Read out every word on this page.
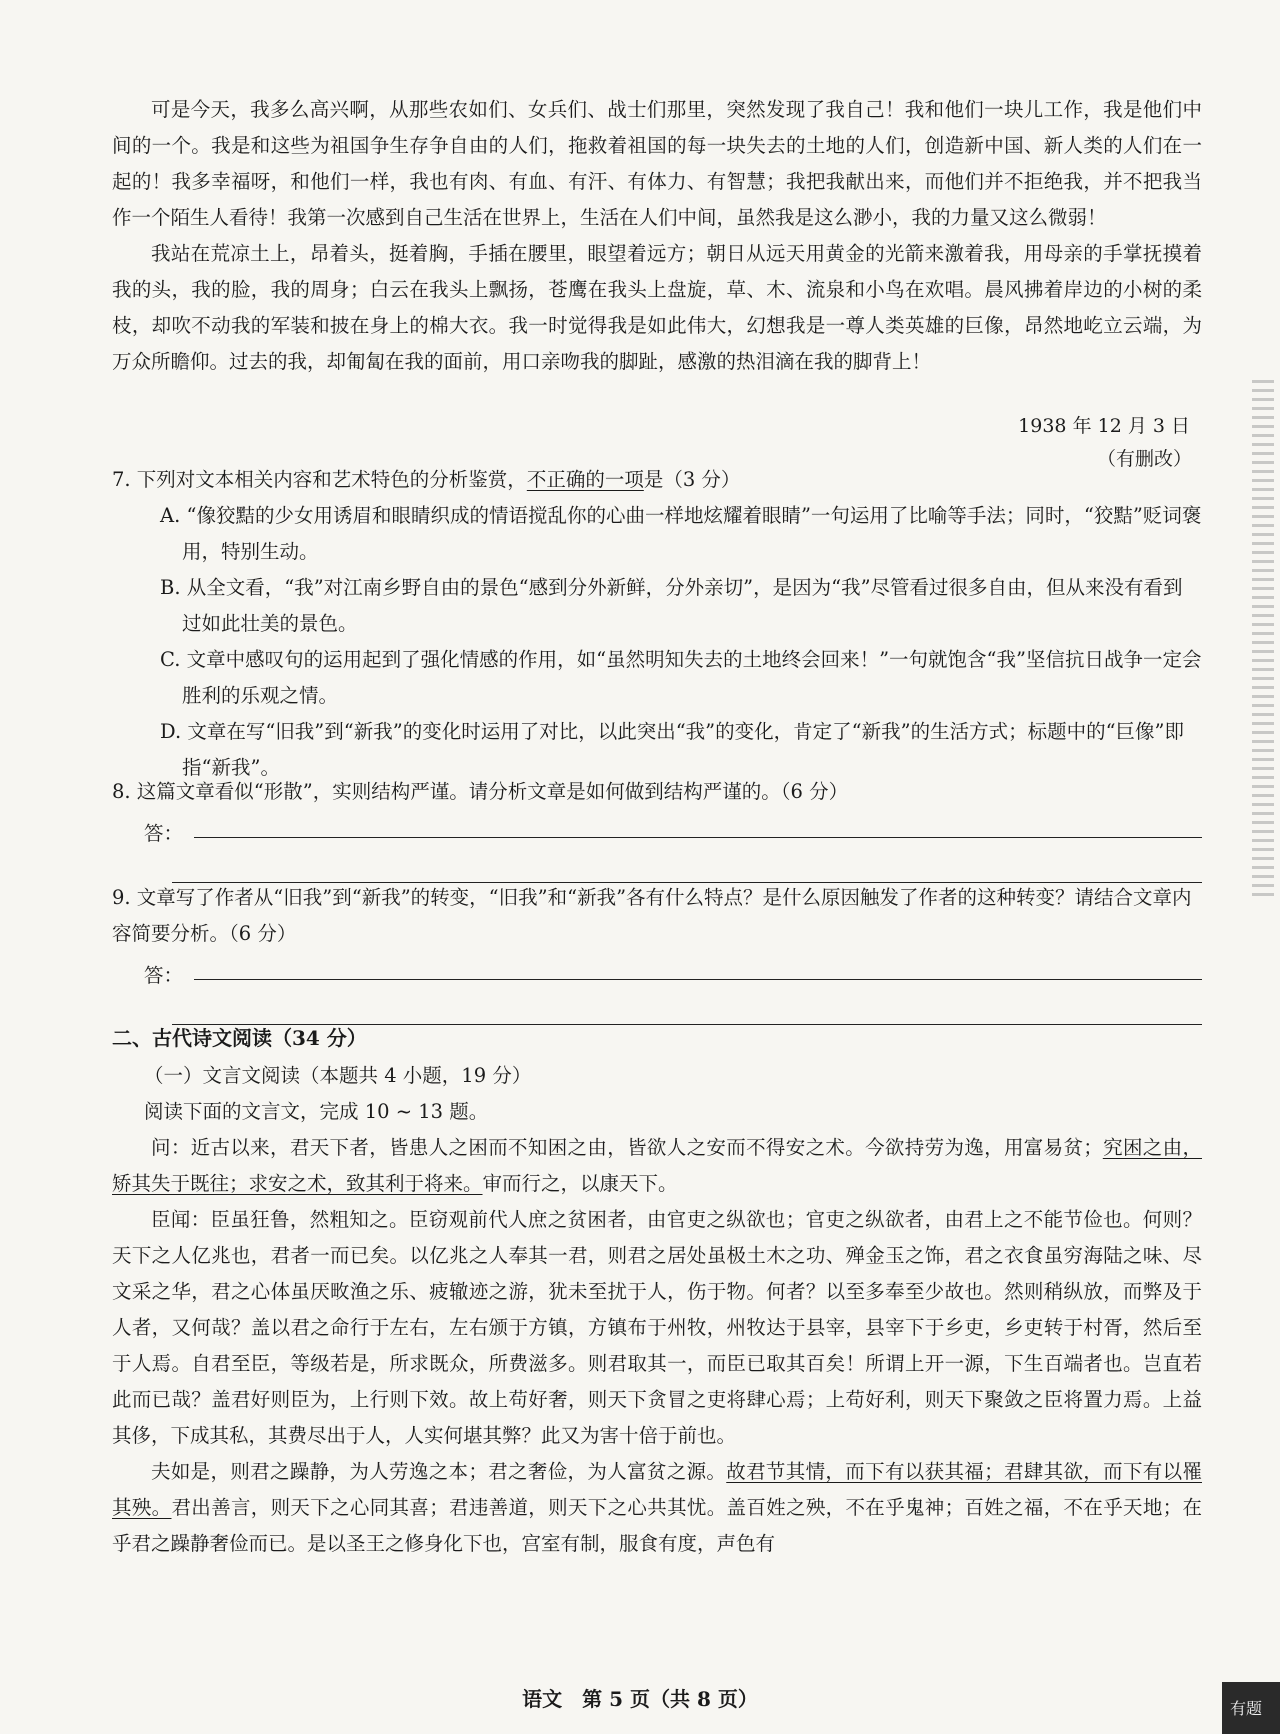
可是今天，我多么高兴啊，从那些农如们、女兵们、战士们那里，突然发现了我自己！我和他们一块儿工作，我是他们中间的一个。我是和这些为祖国争生存争自由的人们，拖救着祖国的每一块失去的土地的人们，创造新中国、新人类的人们在一起的！我多幸福呀，和他们一样，我也有肉、有血、有汗、有体力、有智慧；我把我献出来，而他们并不拒绝我，并不把我当作一个陌生人看待！我第一次感到自己生活在世界上，生活在人们中间，虽然我是这么渺小，我的力量又这么微弱！

我站在荒凉土上，昂着头，挺着胸，手插在腰里，眼望着远方；朝日从远天用黄金的光箭来激着我，用母亲的手掌抚摸着我的头，我的脸，我的周身；白云在我头上飘扬，苍鹰在我头上盘旋，草、木、流泉和小鸟在欢唱。晨风拂着岸边的小树的柔枝，却吹不动我的军装和披在身上的棉大衣。我一时觉得我是如此伟大，幻想我是一尊人类英雄的巨像，昂然地屹立云端，为万众所瞻仰。过去的我，却匍匐在我的面前，用口亲吻我的脚趾，感激的热泪滴在我的脚背上！

1938 年 12 月 3 日
（有删改）

7. 下列对文本相关内容和艺术特色的分析鉴赏，不正确的一项是（3 分）

A. “像狡黠的少女用诱眉和眼睛织成的情语搅乱你的心曲一样地炫耀着眼睛”一句运用了比喻等手法；同时，“狡黠”贬词褒用，特别生动。

B. 从全文看，“我”对江南乡野自由的景色“感到分外新鲜，分外亲切”，是因为“我”尽管看过很多自由，但从来没有看到过如此壮美的景色。

C. 文章中感叹句的运用起到了强化情感的作用，如“虽然明知失去的土地终会回来！”一句就饱含“我”坚信抗日战争一定会胜利的乐观之情。

D. 文章在写“旧我”到“新我”的变化时运用了对比，以此突出“我”的变化，肯定了“新我”的生活方式；标题中的“巨像”即指“新我”。

8. 这篇文章看似“形散”，实则结构严谨。请分析文章是如何做到结构严谨的。（6 分）

答：

9. 文章写了作者从“旧我”到“新我”的转变，“旧我”和“新我”各有什么特点？是什么原因触发了作者的这种转变？请结合文章内容简要分析。（6 分）

答：

二、古代诗文阅读（34 分）

（一）文言文阅读（本题共 4 小题，19 分）

阅读下面的文言文，完成 10 ~ 13 题。

问：近古以来，君天下者，皆患人之困而不知困之由，皆欲人之安而不得安之术。今欲持劳为逸，用富易贫；究困之由，矫其失于既往；求安之术，致其利于将来。审而行之，以康天下。

臣闻：臣虽狂鲁，然粗知之。臣窃观前代人庶之贫困者，由官吏之纵欲也；官吏之纵欲者，由君上之不能节俭也。何则？天下之人亿兆也，君者一而已矣。以亿兆之人奉其一君，则君之居处虽极土木之功、殚金玉之饰，君之衣食虽穷海陆之味、尽文采之华，君之心体虽厌畋渔之乐、疲辙迹之游，犹未至扰于人，伤于物。何者？以至多奉至少故也。然则稍纵放，而弊及于人者，又何哉？盖以君之命行于左右，左右颁于方镇，方镇布于州牧，州牧达于县宰，县宰下于乡吏，乡吏转于村胥，然后至于人焉。自君至臣，等级若是，所求既众，所费滋多。则君取其一，而臣已取其百矣！所谓上开一源，下生百端者也。岂直若此而已哉？盖君好则臣为，上行则下效。故上苟好奢，则天下贪冒之吏将肆心焉；上苟好利，则天下聚敛之臣将置力焉。上益其侈，下成其私，其费尽出于人，人实何堪其弊？此又为害十倍于前也。

夫如是，则君之躁静，为人劳逸之本；君之奢俭，为人富贫之源。故君节其情，而下有以获其福；君肆其欲，而下有以罹其殃。君出善言，则天下之心同其喜；君违善道，则天下之心共其忧。盖百姓之殃，不在乎鬼神；百姓之福，不在乎天地；在乎君之躁静奢俭而已。是以圣王之修身化下也，宫室有制，服食有度，声色有

语文　第 5 页（共 8 页）	有题
